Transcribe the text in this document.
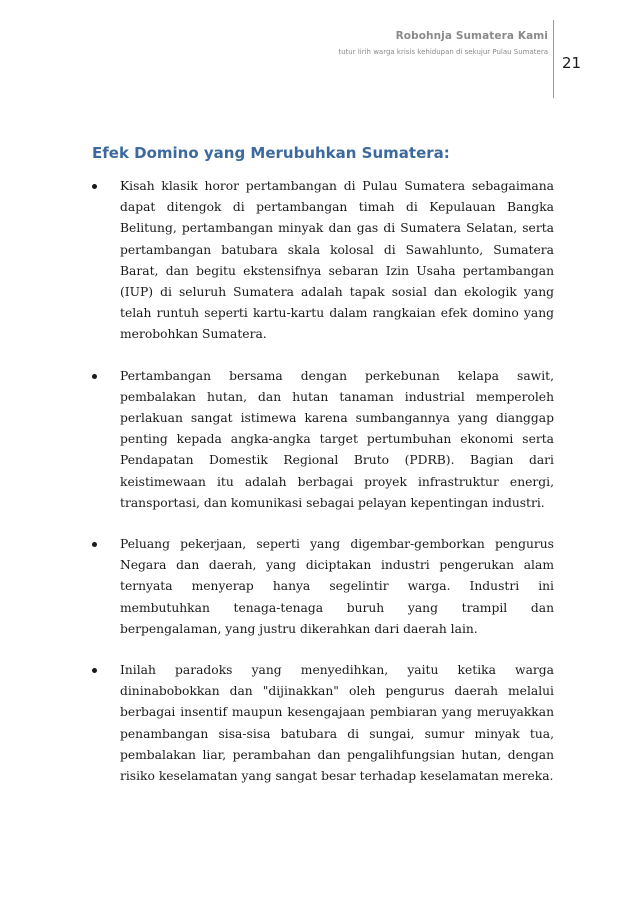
Robohnja Sumatera Kami
tutur lirih warga krisis kehidupan di sekujur Pulau Sumatera
21
Efek Domino yang Merubuhkan Sumatera:
Kisah klasik horor pertambangan di Pulau Sumatera sebagaimana dapat ditengok di pertambangan timah di Kepulauan Bangka Belitung, pertambangan minyak dan gas di Sumatera Selatan, serta pertambangan batubara skala kolosal di Sawahlunto, Sumatera Barat, dan begitu ekstensifnya sebaran Izin Usaha pertambangan (IUP) di seluruh Sumatera adalah tapak sosial dan ekologik yang telah runtuh seperti kartu-kartu dalam rangkaian efek domino yang merobohkan Sumatera.
Pertambangan bersama dengan perkebunan kelapa sawit, pembalakan hutan, dan hutan tanaman industrial memperoleh perlakuan sangat istimewa karena sumbangannya yang dianggap penting kepada angka-angka target pertumbuhan ekonomi serta Pendapatan Domestik Regional Bruto (PDRB). Bagian dari keistimewaan itu adalah berbagai proyek infrastruktur energi, transportasi, dan komunikasi sebagai pelayan kepentingan industri.
Peluang pekerjaan, seperti yang digembar-gemborkan pengurus Negara dan daerah, yang diciptakan industri pengerukan alam ternyata menyerap hanya segelintir warga. Industri ini membutuhkan tenaga-tenaga buruh yang trampil dan berpengalaman, yang justru dikerahkan dari daerah lain.
Inilah paradoks yang menyedihkan, yaitu ketika warga dininabobokkan dan "dijinakkan" oleh pengurus daerah melalui berbagai insentif maupun kesengajaan pembiaran yang meruyakkan penambangan sisa-sisa batubara di sungai, sumur minyak tua, pembalakan liar, perambahan dan pengalihfungsian hutan, dengan risiko keselamatan yang sangat besar terhadap keselamatan mereka.
